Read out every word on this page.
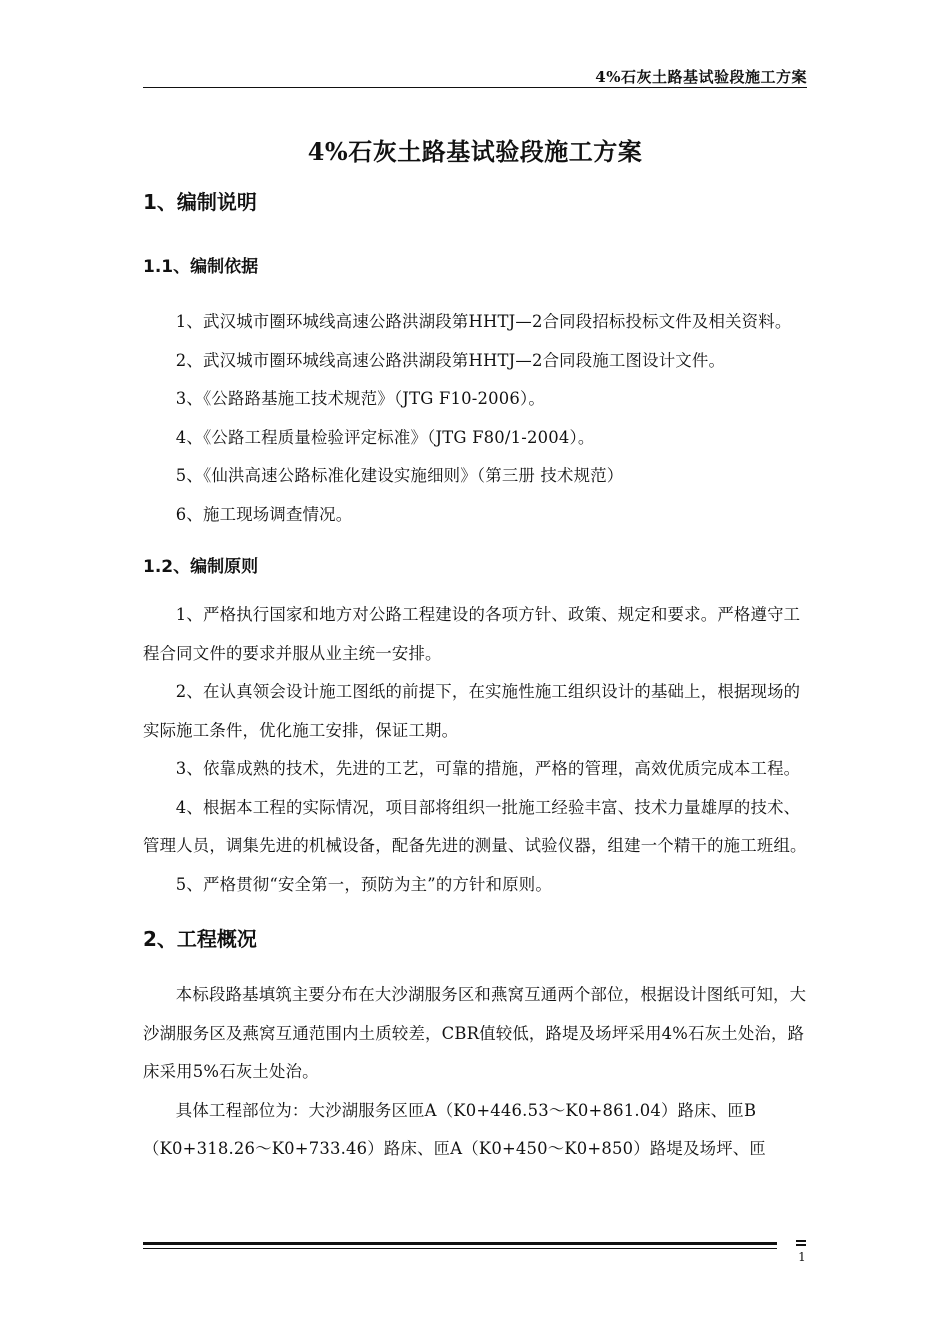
4%石灰土路基试验段施工方案
4%石灰土路基试验段施工方案
1、编制说明
1.1、编制依据

1、武汉城市圈环城线高速公路洪湖段第HHTJ—2合同段招标投标文件及相关资料。

2、武汉城市圈环城线高速公路洪湖段第HHTJ—2合同段施工图设计文件。

3、《公路路基施工技术规范》（JTG F10-2006）。

4、《公路工程质量检验评定标准》（JTG F80/1-2004）。

5、《仙洪高速公路标准化建设实施细则》（第三册 技术规范）

6、施工现场调查情况。

1.2、编制原则

1、严格执行国家和地方对公路工程建设的各项方针、政策、规定和要求。严格遵守工程合同文件的要求并服从业主统一安排。

2、在认真领会设计施工图纸的前提下，在实施性施工组织设计的基础上，根据现场的实际施工条件，优化施工安排，保证工期。

3、依靠成熟的技术，先进的工艺，可靠的措施，严格的管理，高效优质完成本工程。

4、根据本工程的实际情况，项目部将组织一批施工经验丰富、技术力量雄厚的技术、管理人员，调集先进的机械设备，配备先进的测量、试验仪器，组建一个精干的施工班组。

5、严格贯彻“安全第一，预防为主”的方针和原则。

2、工程概况

本标段路基填筑主要分布在大沙湖服务区和燕窝互通两个部位，根据设计图纸可知，大沙湖服务区及燕窝互通范围内土质较差，CBR值较低，路堤及场坪采用4%石灰土处治，路床采用5%石灰土处治。

具体工程部位为：大沙湖服务区匝A（K0+446.53～K0+861.04）路床、匝B（K0+318.26～K0+733.46）路床、匝A（K0+450～K0+850）路堤及场坪、匝

1
